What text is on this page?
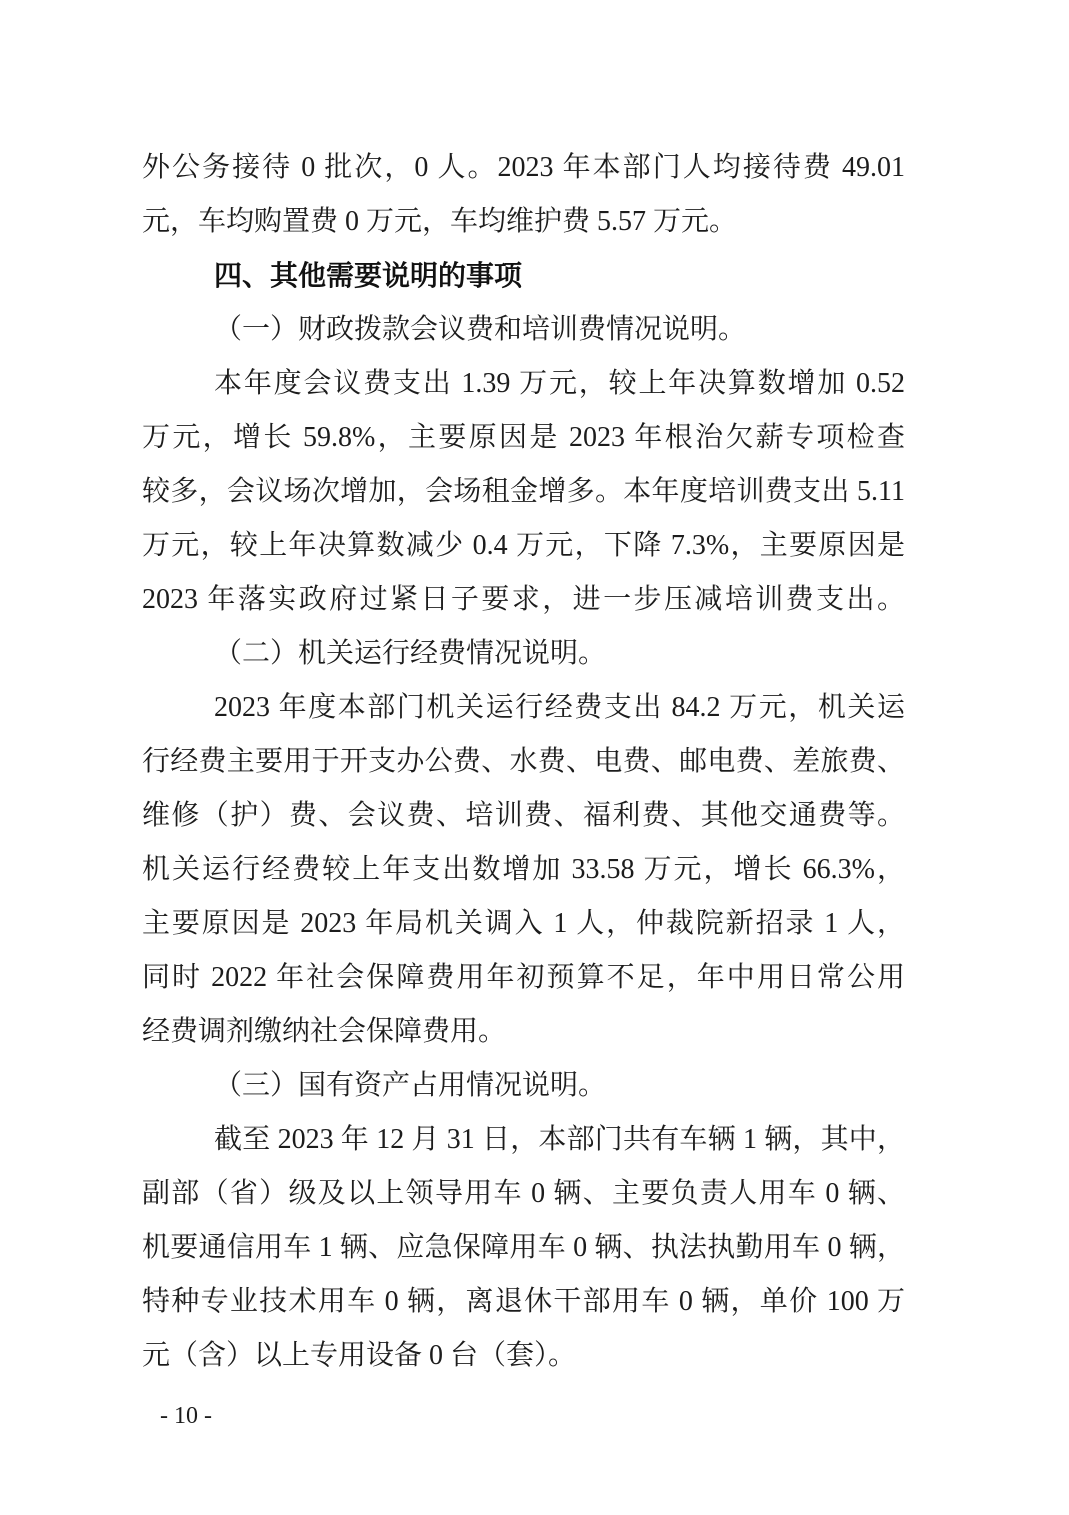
外公务接待 0 批次，0 人。2023 年本部门人均接待费 49.01
元，车均购置费 0 万元，车均维护费 5.57 万元。
四、其他需要说明的事项
（一）财政拨款会议费和培训费情况说明。
本年度会议费支出 1.39 万元，较上年决算数增加 0.52
万元，增长 59.8%，主要原因是 2023 年根治欠薪专项检查
较多，会议场次增加，会场租金增多。本年度培训费支出 5.11
万元，较上年决算数减少 0.4 万元，下降 7.3%，主要原因是
2023 年落实政府过紧日子要求，进一步压减培训费支出。
（二）机关运行经费情况说明。
2023 年度本部门机关运行经费支出 84.2 万元，机关运
行经费主要用于开支办公费、水费、电费、邮电费、差旅费、
维修（护）费、会议费、培训费、福利费、其他交通费等。
机关运行经费较上年支出数增加 33.58 万元，增长 66.3%，
主要原因是 2023 年局机关调入 1 人，仲裁院新招录 1 人，
同时 2022 年社会保障费用年初预算不足，年中用日常公用
经费调剂缴纳社会保障费用。
（三）国有资产占用情况说明。
截至 2023 年 12 月 31 日，本部门共有车辆 1 辆，其中，
副部（省）级及以上领导用车 0 辆、主要负责人用车 0 辆、
机要通信用车 1 辆、应急保障用车 0 辆、执法执勤用车 0 辆，
特种专业技术用车 0 辆，离退休干部用车 0 辆，单价 100 万
元（含）以上专用设备 0 台（套）。
- 10 -
